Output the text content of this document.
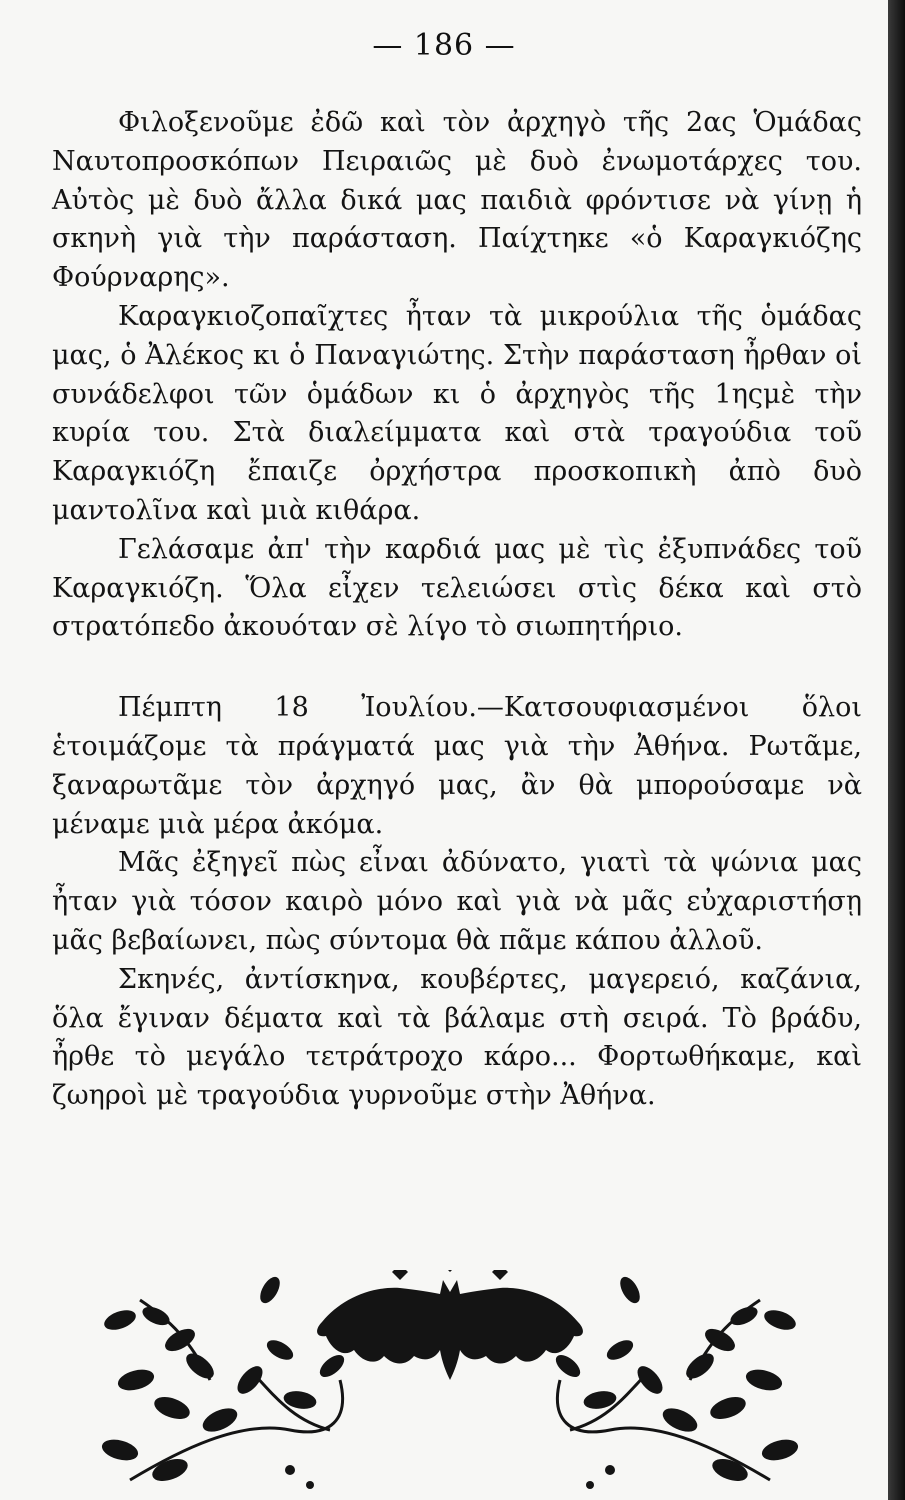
— 186 —

Φιλοξενοῦμε ἐδῶ καὶ τὸν ἀρχηγὸ τῆς 2ας Ὁμάδας Ναυτοπροσκόπων Πειραιῶς μὲ δυὸ ἐνωμοτάρχες του. Αὐτὸς μὲ δυὸ ἄλλα δικά μας παιδιὰ φρόντισε νὰ γίνῃ ἡ σκηνὴ γιὰ τὴν παράσταση. Παίχτηκε «ὁ Καραγκιόζης Φούρναρης».

Καραγκιοζοπαῖχτες ἦταν τὰ μικρούλια τῆς ὁμάδας μας, ὁ Ἀλέκος κι ὁ Παναγιώτης. Στὴν παράσταση ἦρθαν οἱ συνάδελφοι τῶν ὁμάδων κι ὁ ἀρχηγὸς τῆς 1ηςμὲ τὴν κυρία του. Στὰ διαλείμματα καὶ στὰ τραγούδια τοῦ Καραγκιόζη ἔπαιζε ὀρχήστρα προσκοπικὴ ἀπὸ δυὸ μαντολῖνα καὶ μιὰ κιθάρα.

Γελάσαμε ἀπ' τὴν καρδιά μας μὲ τὶς ἐξυπνάδες τοῦ Καραγκιόζη. Ὅλα εἶχεν τελειώσει στὶς δέκα καὶ στὸ στρατόπεδο ἀκουόταν σὲ λίγο τὸ σιωπητήριο.

Πέμπτη 18 Ἰουλίου.—Κατσουφιασμένοι ὅλοι ἑτοιμάζομε τὰ πράγματά μας γιὰ τὴν Ἀθήνα. Ρωτᾶμε, ξαναρωτᾶμε τὸν ἀρχηγό μας, ἂν θὰ μπορούσαμε νὰ μέναμε μιὰ μέρα ἀκόμα.

Μᾶς ἐξηγεῖ πὼς εἶναι ἀδύνατο, γιατὶ τὰ ψώνια μας ἦταν γιὰ τόσον καιρὸ μόνο καὶ γιὰ νὰ μᾶς εὐχαριστήσῃ μᾶς βεβαίωνει, πὼς σύντομα θὰ πᾶμε κάπου ἀλλοῦ.

Σκηνές, ἀντίσκηνα, κουβέρτες, μαγερειό, καζάνια, ὅλα ἔγιναν δέματα καὶ τὰ βάλαμε στὴ σειρά. Τὸ βράδυ, ἦρθε τὸ μεγάλο τετράτροχο κάρο... Φορτωθήκαμε, καὶ ζωηροὶ μὲ τραγούδια γυρνοῦμε στὴν Ἀθήνα.
